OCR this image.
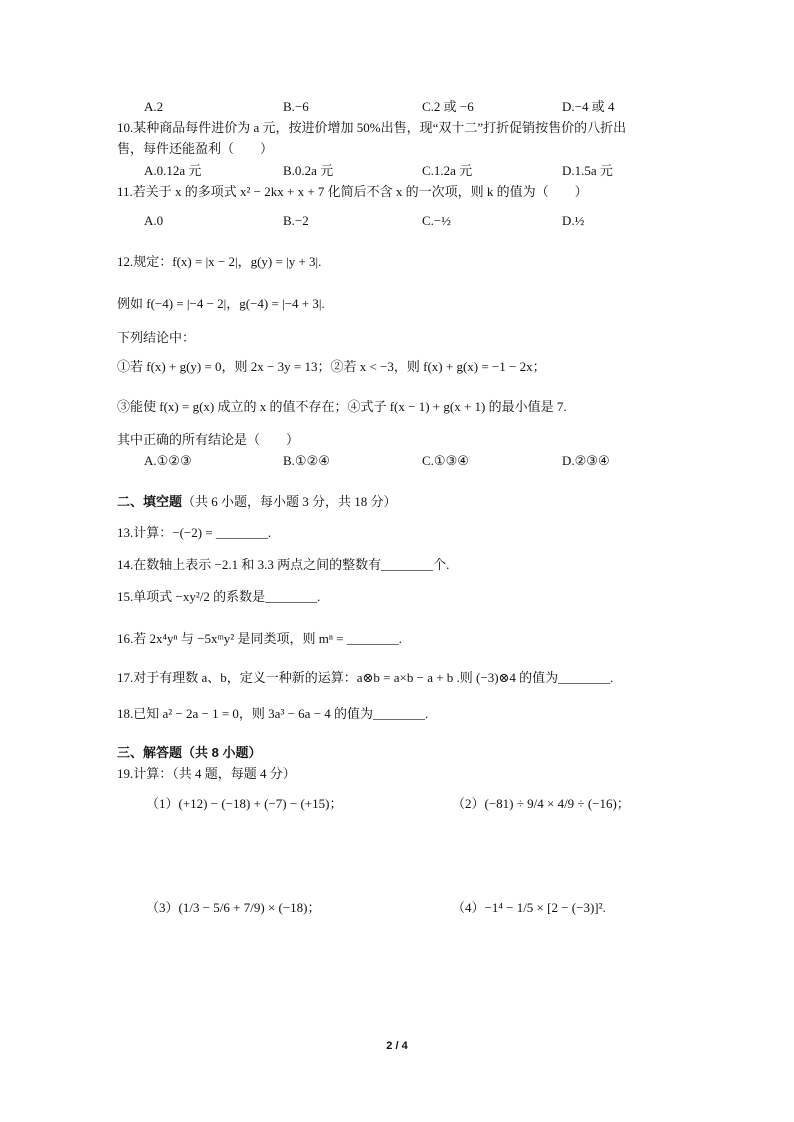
A.2	B.−6	C.2 或 −6	D.−4 或 4
10.某种商品每件进价为 a 元，按进价增加 50%出售，现“双十二”打折促销按售价的八折出
售，每件还能盈利（　　）
A.0.12a 元	B.0.2a 元	C.1.2a 元	D.1.5a 元
11.若关于 x 的多项式 x² − 2kx + x + 7 化简后不含 x 的一次项，则 k 的值为（　　）
A.0	B.−2	C.−½	D.½
12.规定：f(x) = |x − 2|，g(y) = |y + 3|.
例如 f(−4) = |−4 − 2|，g(−4) = |−4 + 3|.
下列结论中：
①若 f(x) + g(y) = 0，则 2x − 3y = 13；②若 x < −3，则 f(x) + g(x) = −1 − 2x；
③能使 f(x) = g(x) 成立的 x 的值不存在；④式子 f(x − 1) + g(x + 1) 的最小值是 7.
其中正确的所有结论是（　　）
A.①②③	B.①②④	C.①③④	D.②③④
二、填空题（共 6 小题，每小题 3 分，共 18 分）
13.计算：−(−2) = ________.
14.在数轴上表示 −2.1 和 3.3 两点之间的整数有________个.
15.单项式 −xy²/2 的系数是________.
16.若 2x⁴yⁿ 与 −5xᵐy² 是同类项，则 mⁿ = ________.
17.对于有理数 a、b，定义一种新的运算：a⊗b = a×b − a + b .则 (−3)⊗4 的值为________.
18.已知 a² − 2a − 1 = 0，则 3a³ − 6a − 4 的值为________.
三、解答题（共 8 小题）
19.计算：（共 4 题，每题 4 分）
（1）(+12) − (−18) + (−7) − (+15)；	（2）(−81) ÷ 9/4 × 4/9 ÷ (−16)；
（3）(1/3 − 5/6 + 7/9) × (−18)；	（4）−1⁴ − 1/5 × [2 − (−3)]².
2 / 4
